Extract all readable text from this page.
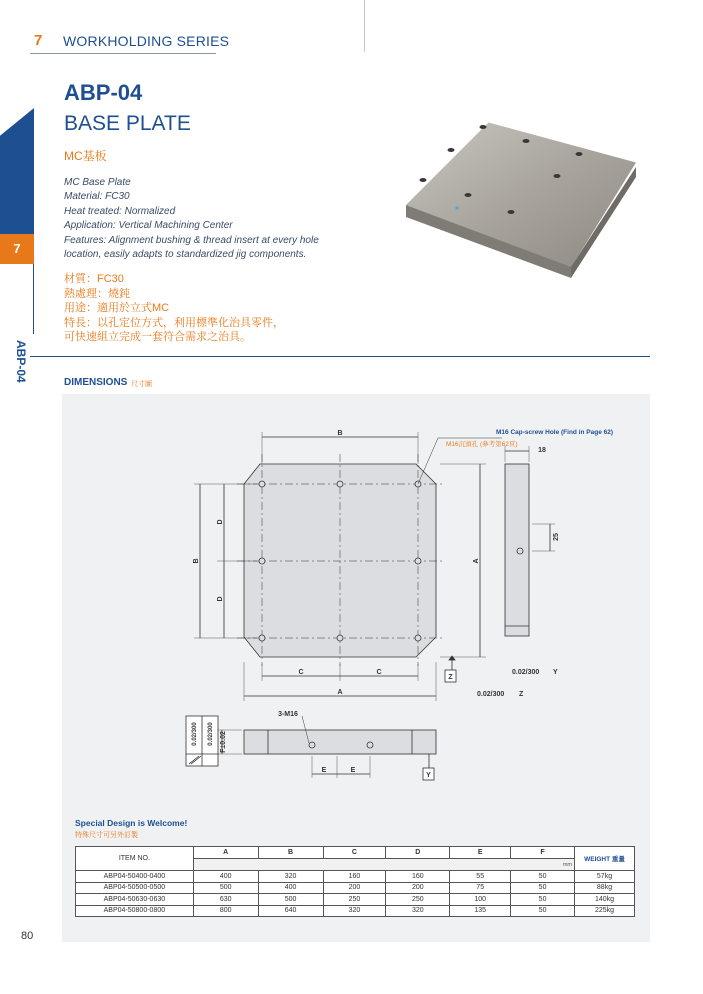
7 WORKHOLDING SERIES
7
ABP-04
ABP-04
BASE PLATE
MC基板
MC Base Plate
Material: FC30
Heat treated: Normalized
Application: Vertical Machining Center
Features: Alignment bushing & thread insert at every hole
location, easily adapts to standardized jig components.
材質：FC30
熱處理：燒鈍
用途：適用於立式MC
特長：以孔定位方式，利用標準化治具零件，
可快速組立完成一套符合需求之治具。
DIMENSIONS 尺寸圖
B
B
D
D
C	C
A
A
M16 Cap-screw Hole (Find in Page 62)
M16沉頭孔 (參考第62頁)
18
25
0.02/300 Y
0.02/300 Z
Z
Y
3-M16
E	E
F±0.02
0.02/300 0.02/300
Special Design is Welcome!
特殊尺寸可另外訂製
ITEM NO.	A	B	C	D	E	F	WEIGHT 重量
	mm						
ABP04-50400-0400	400	320	160	160	55	50	57kg
ABP04-50500-0500	500	400	200	200	75	50	88kg
ABP04-50630-0630	630	500	250	250	100	50	140kg
ABP04-50800-0800	800	640	320	320	135	50	225kg
80
